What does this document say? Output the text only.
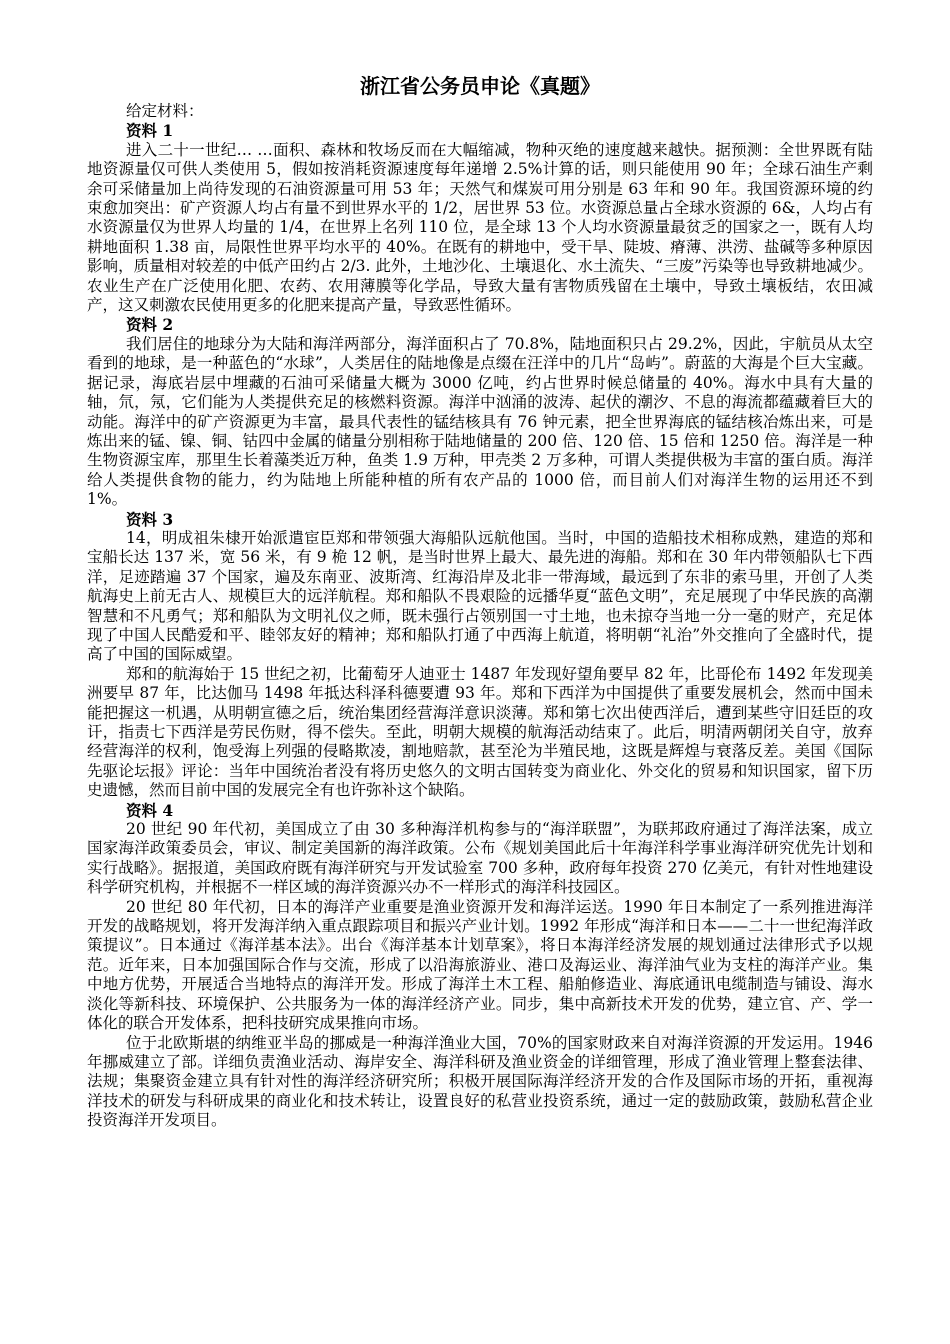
浙江省公务员申论《真题》

给定材料：

资料 1

进入二十一世纪… …面积、森林和牧场反而在大幅缩减，物种灭绝的速度越来越快。据预测：全世界既有陆地资源量仅可供人类使用 5，假如按消耗资源速度每年递增 2.5%计算的话，则只能使用 90 年；全球石油生产剩余可采储量加上尚待发现的石油资源量可用 53 年；天然气和煤炭可用分别是 63 年和 90 年。我国资源环境的约束愈加突出：矿产资源人均占有量不到世界水平的 1/2，居世界 53 位。水资源总量占全球水资源的 6&，人均占有水资源量仅为世界人均量的 1/4，在世界上名列 110 位，是全球 13 个人均水资源量最贫乏的国家之一，既有人均耕地面积 1.38 亩，局限性世界平均水平的 40%。在既有的耕地中，受干旱、陡坡、瘠薄、洪涝、盐碱等多种原因影响，质量相对较差的中低产田约占 2/3. 此外，土地沙化、土壤退化、水土流失、“三废”污染等也导致耕地减少。农业生产在广泛使用化肥、农药、农用薄膜等化学品，导致大量有害物质残留在土壤中，导致土壤板结，农田减产，这又刺激农民使用更多的化肥来提高产量，导致恶性循环。

资料 2

我们居住的地球分为大陆和海洋两部分，海洋面积占了 70.8%，陆地面积只占 29.2%，因此，宇航员从太空看到的地球，是一种蓝色的“水球”，人类居住的陆地像是点缀在汪洋中的几片“岛屿”。蔚蓝的大海是个巨大宝藏。据记录，海底岩层中埋藏的石油可采储量大概为 3000 亿吨，约占世界时候总储量的 40%。海水中具有大量的轴，氘，氖，它们能为人类提供充足的核燃料资源。海洋中汹涌的波涛、起伏的潮汐、不息的海流都蕴藏着巨大的动能。海洋中的矿产资源更为丰富，最具代表性的锰结核具有 76 钟元素，把全世界海底的锰结核冶炼出来，可是炼出来的锰、镍、铜、钴四中金属的储量分别相称于陆地储量的 200 倍、120 倍、15 倍和 1250 倍。海洋是一种生物资源宝库，那里生长着藻类近万种，鱼类 1.9 万种，甲壳类 2 万多种，可谓人类提供极为丰富的蛋白质。海洋给人类提供食物的能力，约为陆地上所能种植的所有农产品的 1000 倍，而目前人们对海洋生物的运用还不到 1%。

资料 3

14，明成祖朱棣开始派遣宦臣郑和带领强大海船队远航他国。当时，中国的造船技术相称成熟，建造的郑和宝船长达 137 米，宽 56 米，有 9 桅 12 帆，是当时世界上最大、最先进的海船。郑和在 30 年内带领船队七下西洋，足迹踏遍 37 个国家，遍及东南亚、波斯湾、红海沿岸及北非一带海域，最远到了东非的索马里，开创了人类航海史上前无古人、规模巨大的远洋航程。郑和船队不畏艰险的远播华夏“蓝色文明”，充足展现了中华民族的高潮智慧和不凡勇气；郑和船队为文明礼仪之师，既未强行占领别国一寸土地，也未掠夺当地一分一毫的财产，充足体现了中国人民酷爱和平、睦邻友好的精神；郑和船队打通了中西海上航道，将明朝“礼治”外交推向了全盛时代，提高了中国的国际威望。

郑和的航海始于 15 世纪之初，比葡萄牙人迪亚士 1487 年发现好望角要早 82 年，比哥伦布 1492 年发现美洲要早 87 年，比达伽马 1498 年抵达科泽科德要遭 93 年。郑和下西洋为中国提供了重要发展机会，然而中国未能把握这一机遇，从明朝宣德之后，统治集团经营海洋意识淡薄。郑和第七次出使西洋后，遭到某些守旧廷臣的攻讦，指责七下西洋是劳民伤财，得不偿失。至此，明朝大规模的航海活动结束了。此后，明清两朝闭关自守，放弃经营海洋的权利，饱受海上列强的侵略欺凌，割地赔款，甚至沦为半殖民地，这既是辉煌与衰落反差。美国《国际先驱论坛报》评论：当年中国统治者没有将历史悠久的文明古国转变为商业化、外交化的贸易和知识国家，留下历史遗憾，然而目前中国的发展完全有也许弥补这个缺陷。

资料 4

20 世纪 90 年代初，美国成立了由 30 多种海洋机构参与的“海洋联盟”，为联邦政府通过了海洋法案，成立国家海洋政策委员会，审议、制定美国新的海洋政策。公布《规划美国此后十年海洋科学事业海洋研究优先计划和实行战略》。据报道，美国政府既有海洋研究与开发试验室 700 多种，政府每年投资 270 亿美元，有针对性地建设科学研究机构，并根据不一样区域的海洋资源兴办不一样形式的海洋科技园区。

20 世纪 80 年代初，日本的海洋产业重要是渔业资源开发和海洋运送。1990 年日本制定了一系列推进海洋开发的战略规划，将开发海洋纳入重点跟踪项目和振兴产业计划。1992 年形成“海洋和日本——二十一世纪海洋政策提议”。日本通过《海洋基本法》。出台《海洋基本计划草案》，将日本海洋经济发展的规划通过法律形式予以规范。近年来，日本加强国际合作与交流，形成了以沿海旅游业、港口及海运业、海洋油气业为支柱的海洋产业。集中地方优势，开展适合当地特点的海洋开发。形成了海洋土木工程、船舶修造业、海底通讯电缆制造与铺设、海水淡化等新科技、环境保护、公共服务为一体的海洋经济产业。同步，集中高新技术开发的优势，建立官、产、学一体化的联合开发体系，把科技研究成果推向市场。

位于北欧斯堪的纳维亚半岛的挪威是一种海洋渔业大国，70%的国家财政来自对海洋资源的开发运用。1946 年挪威建立了部。详细负责渔业活动、海岸安全、海洋科研及渔业资金的详细管理，形成了渔业管理上整套法律、法规；集聚资金建立具有针对性的海洋经济研究所；积极开展国际海洋经济开发的合作及国际市场的开拓，重视海洋技术的研发与科研成果的商业化和技术转让，设置良好的私营业投资系统，通过一定的鼓励政策，鼓励私营企业投资海洋开发项目。
